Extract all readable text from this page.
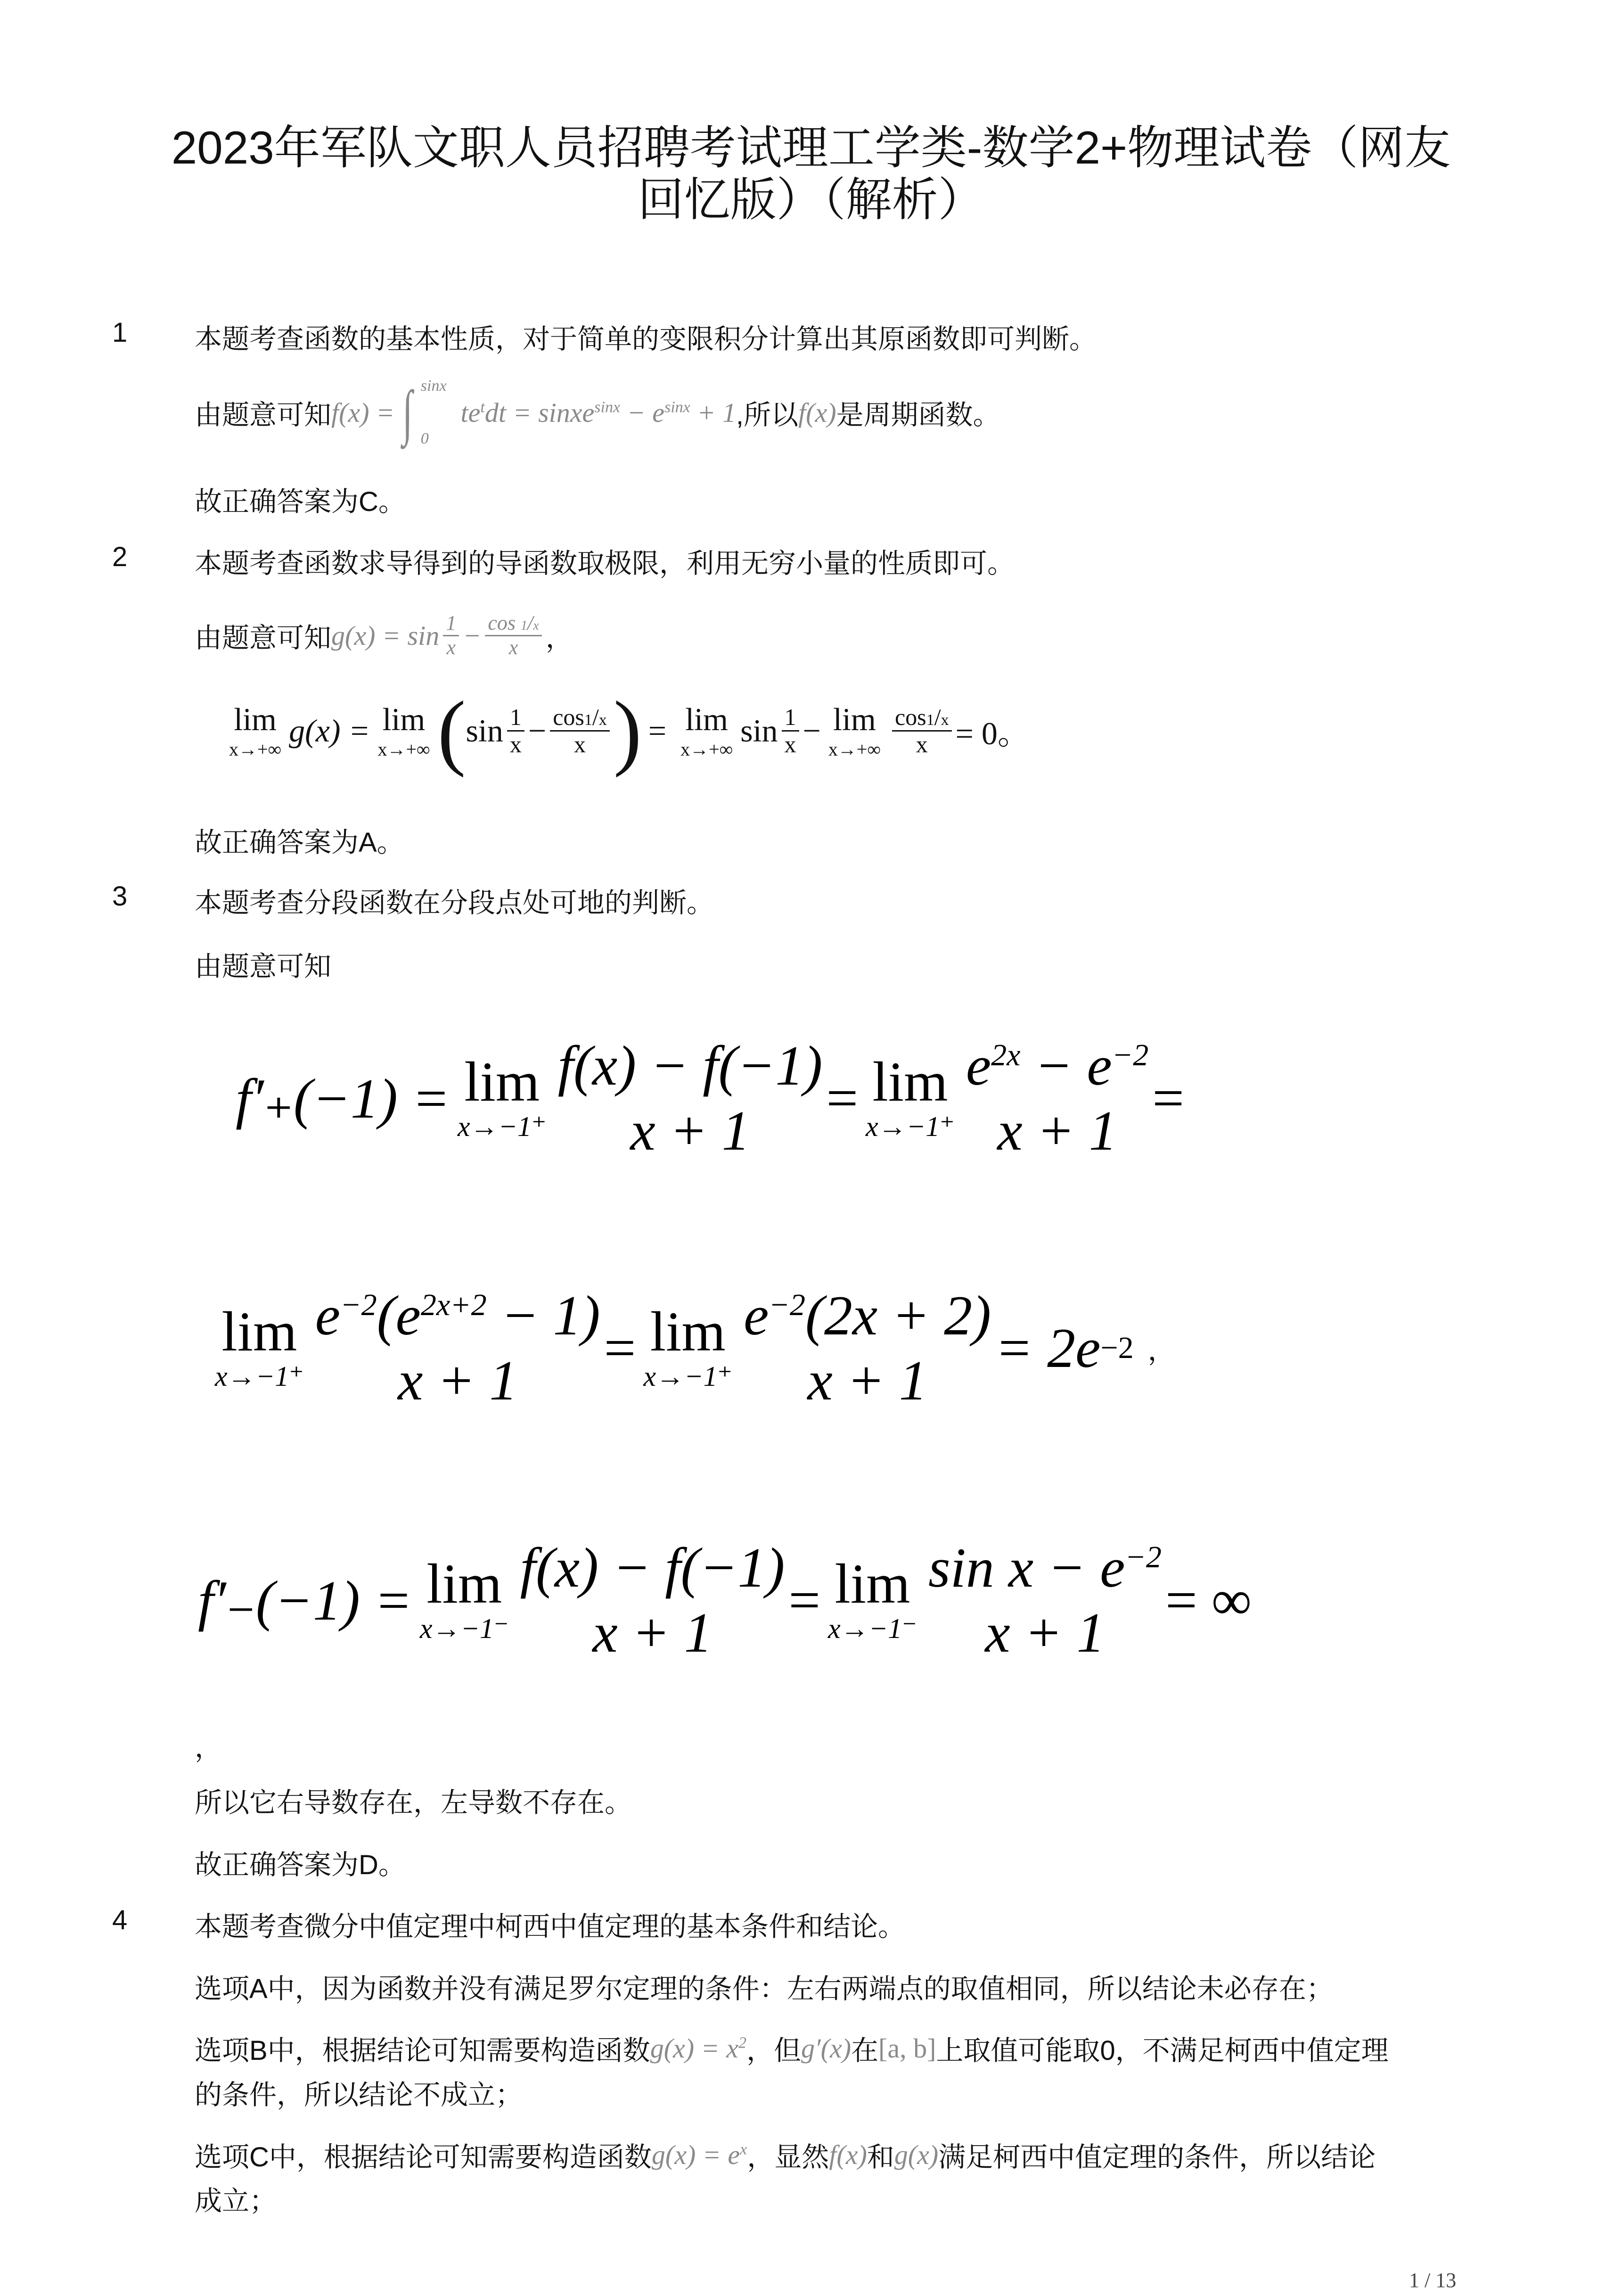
2023年军队文职人员招聘考试理工学类-数学2+物理试卷（网友
回忆版）（解析）
1 本题考查函数的基本性质，对于简单的变限积分计算出其原函数即可判断。
由题意可知 f(x) = ∫ sinx
0
$te^tdt$ = sinxe$^{sinx}$ − $e^{sinx} + 1$ ,所以 f(x) 是周期函数。
故正确答案为C。
2 本题考查函数求导得到的导函数取极限，利用无穷小量的性质即可。
由题意可知 $g(x) = \sin \frac{1}{x} - \frac{\cos 1/x}{x}$ ，
lim
x→+∞
g(x) = lim
x→+∞ ( $\sin \frac{1}{x} - \frac{\cos 1/x}{x}$ ) = lim
x→+∞
$\sin \frac{1}{x} - \lim$
$x\to+\infty \frac{\cos 1/x}{x} = 0$。
故正确答案为A。
3 本题考查分段函数在分段点处可地的判断。
由题意可知
f′₊(−1) = lim
x→−1⁺
f(x) − f(−1)
x + 1
= lim
x→−1⁺
$e^{2x} - e^{-2}$
x + 1
=
lim
x→−1⁺
$e^{-2}(e^{2x+2} - 1)$
x + 1
= lim
x→−1⁺
$e^{-2}(2x + 2)$
x + 1
= 2e −2 ，
f′₋(−1) = lim
x→−1⁻
f(x) − f(−1)
x + 1
= lim
x→−1⁻
$\sin x - e^{-2}$
x + 1
= ∞
，
所以它右导数存在，左导数不存在。
故正确答案为D。
4 本题考查微分中值定理中柯西中值定理的基本条件和结论。
选项A中，因为函数并没有满足罗尔定理的条件：左右两端点的取值相同，所以结论未必存在；
选项B中，根据结论可知需要构造函数 $g(x) = x^2$ ，但 g′(x) 在 [a, b] 上取值可能取0，不满足柯西中值定理
的条件，所以结论不成立；
选项C中，根据结论可知需要构造函数 $g(x) = e^x$ ，显然 f(x) 和 g(x) 满足柯西中值定理的条件，所以结论
成立；
1 / 13
